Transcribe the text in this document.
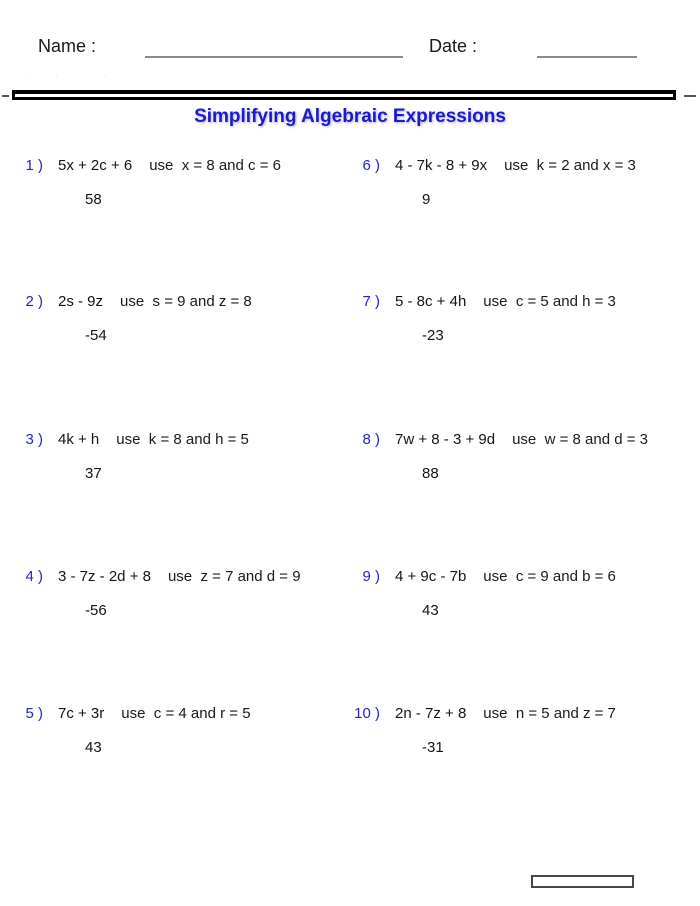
Name :	Date :
· ·   ·
Simplifying Algebraic Expressions
1 ) 5x + 2c + 6 use  x = 8 and c = 6
58
2 ) 2s - 9z use  s = 9 and z = 8
-54
3 ) 4k + h use  k = 8 and h = 5
37
4 ) 3 - 7z - 2d + 8 use  z = 7 and d = 9
-56
5 ) 7c + 3r use  c = 4 and r = 5
43
6 ) 4 - 7k - 8 + 9x use  k = 2 and x = 3
9
7 ) 5 - 8c + 4h use  c = 5 and h = 3
-23
8 ) 7w + 8 - 3 + 9d use  w = 8 and d = 3
88
9 ) 4 + 9c - 7b use  c = 9 and b = 6
43
10 ) 2n - 7z + 8 use  n = 5 and z = 7
-31
